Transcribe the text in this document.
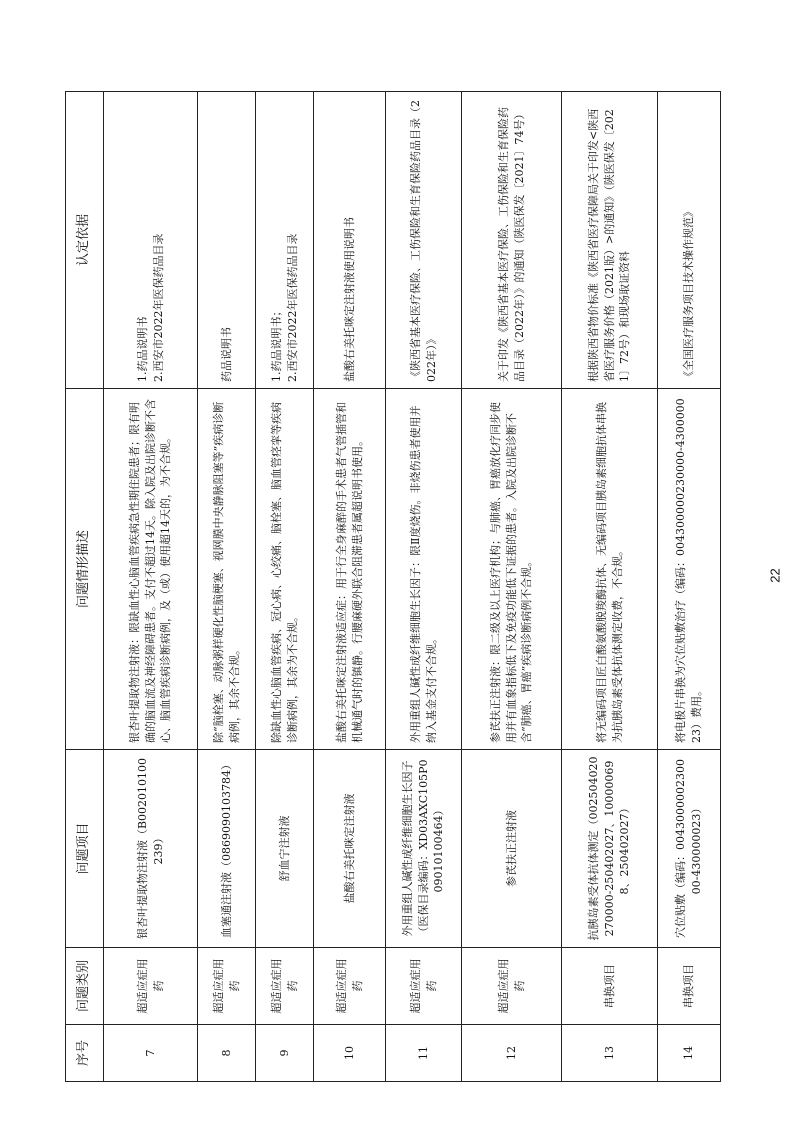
序号	问题类别	问题项目	问题情形描述	认定依据
7	超适应症用药	银杏叶提取物注射液（B00201010023​9）	银杏叶提取物注射液：限缺血性心脑血管疾病急性期住院患者；限有明确的脑血流及神经障碍患者。支付不超过14天。除入院及出院诊断不含心、脑血管疾病诊断病例，及（或）使用超14天的，为不合规。	1.药品说明书
2.西安市2022年医保药品目录
8	超适应症用药	血塞通注射液（08690901037​84）	除“脑栓塞、动脉粥样硬化性脑梗塞、视网膜中央静脉阻塞等”疾病诊断病例，其余不合规。	药品说明书
9	超适应症用药	舒血宁注射液	除缺血性心脑血管疾病、冠心病、心绞痛、脑栓塞、脑血管痉挛等疾病诊断病例，其余为不合规。	1.药品说明书；
2.西安市2022年医保药品目录
10	超适应症用药	盐酸右美托咪定注射液	盐酸右美托咪定注射液适应症：用于行全身麻醉的手术患者气管插管和机械通气时的镇静。行腰麻硬外联合阻滞患者属超说明书使用。	盐酸右美托咪定注射液使用说明书
11	超适应症用药	外用重组人碱性成纤维细胞生长因子（医保目录编码：XD03AXC105P009010100464）	外用重组人碱性成纤维细胞生长因子：限Ⅱ度烧伤。非烧伤患者使用并纳入基金支付不合规。	《陕西省基本医疗保险、工伤保险和生育保险药品目录（2022年）》
12	超适应症用药	参芪扶正注射液	参芪扶正注射液：限二级及以上医疗机构；与肺癌、胃癌放化疗同步使用并有血象指标低下及免疫功能低下证据的患者。入院及出院诊断不含“肺癌、胃癌”疾病诊断病例不合规。	关于印发《陕西省基本医疗保险、工伤保险和生育保险药品目录（2022年）》的通知（陕医保发〔2021〕74号）
13	串换项目	抗胰岛素受体抗体测定（002504020270000-250402027、100000698、250402027）	将无编码项目匠白酸氨酸脱羧酶抗体、无编码项目胰岛素细胞抗体串换为抗胰岛素受体抗体测定收费，不合规。	根据陕西省物价标准《陕西省医疗保障局关于印发<陕西省医疗服务价格（2021版）>的通知》（陕医保发〔2021〕72号）和现场取证资料
14	串换项目	穴位贴敷（编码：004300000230000-430000023）	将电极片串换为穴位贴敷治疗（编码：004300000230000-430000023）费用。	《全国医疗服务项目技术操作规范》
22
